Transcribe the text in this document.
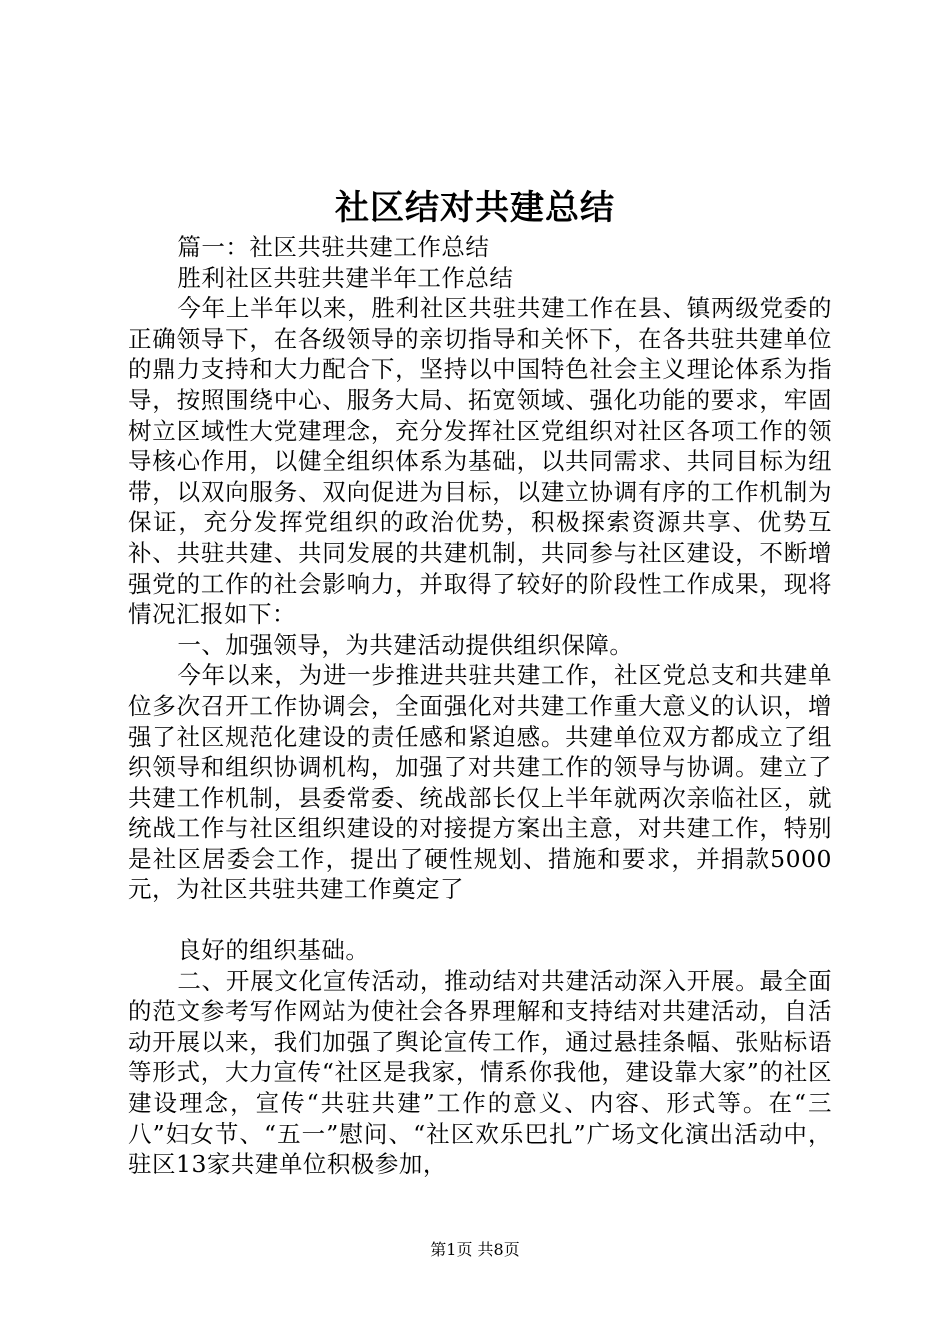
社区结对共建总结

篇一：社区共驻共建工作总结

胜利社区共驻共建半年工作总结

今年上半年以来，胜利社区共驻共建工作在县、镇两级党委的正确领导下，在各级领导的亲切指导和关怀下，在各共驻共建单位的鼎力支持和大力配合下，坚持以中国特色社会主义理论体系为指导，按照围绕中心、服务大局、拓宽领域、强化功能的要求，牢固树立区域性大党建理念，充分发挥社区党组织对社区各项工作的领导核心作用，以健全组织体系为基础，以共同需求、共同目标为纽带，以双向服务、双向促进为目标，以建立协调有序的工作机制为保证，充分发挥党组织的政治优势，积极探索资源共享、优势互补、共驻共建、共同发展的共建机制，共同参与社区建设，不断增强党的工作的社会影响力，并取得了较好的阶段性工作成果，现将情况汇报如下：

一、加强领导，为共建活动提供组织保障。

今年以来，为进一步推进共驻共建工作，社区党总支和共建单位多次召开工作协调会，全面强化对共建工作重大意义的认识，增强了社区规范化建设的责任感和紧迫感。共建单位双方都成立了组织领导和组织协调机构，加强了对共建工作的领导与协调。建立了共建工作机制，县委常委、统战部长仅上半年就两次亲临社区，就统战工作与社区组织建设的对接提方案出主意，对共建工作，特别是社区居委会工作，提出了硬性规划、措施和要求，并捐款5000元，为社区共驻共建工作奠定了

良好的组织基础。

二、开展文化宣传活动，推动结对共建活动深入开展。最全面的范文参考写作网站为使社会各界理解和支持结对共建活动，自活动开展以来，我们加强了舆论宣传工作，通过悬挂条幅、张贴标语等形式，大力宣传“社区是我家，情系你我他，建设靠大家”的社区建设理念，宣传“共驻共建”工作的意义、内容、形式等。在“三八”妇女节、“五一”慰问、“社区欢乐巴扎”广场文化演出活动中，驻区13家共建单位积极参加，

第1页 共8页
